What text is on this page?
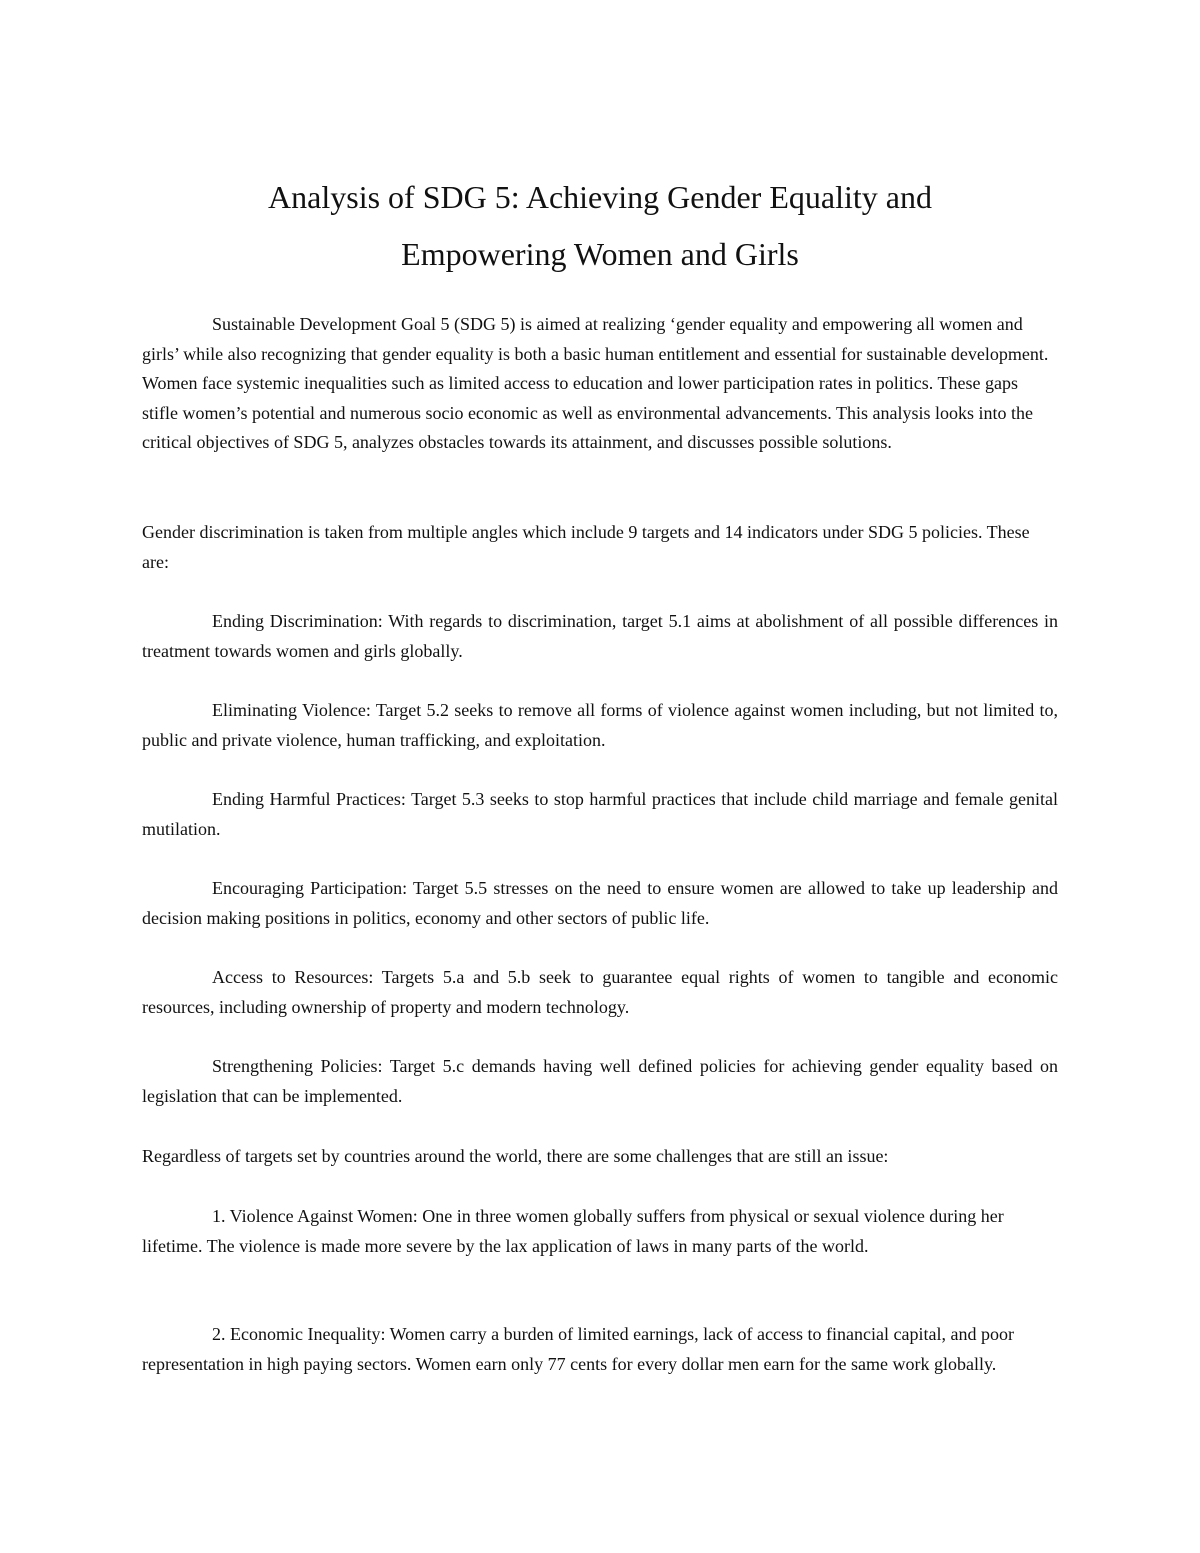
Analysis of SDG 5: Achieving Gender Equality and
Empowering Women and Girls

Sustainable Development Goal 5 (SDG 5) is aimed at realizing ‘gender equality and empowering all women and girls’ while also recognizing that gender equality is both a basic human entitlement and essential for sustainable development. Women face systemic inequalities such as limited access to education and lower participation rates in politics. These gaps stifle women’s potential and numerous socio economic as well as environmental advancements. This analysis looks into the critical objectives of SDG 5, analyzes obstacles towards its attainment, and discusses possible solutions.

Gender discrimination is taken from multiple angles which include 9 targets and 14 indicators under SDG 5 policies. These are:

Ending Discrimination: With regards to discrimination, target 5.1 aims at abolishment of all possible differences in treatment towards women and girls globally.

Eliminating Violence: Target 5.2 seeks to remove all forms of violence against women including, but not limited to, public and private violence, human trafficking, and exploitation.

Ending Harmful Practices: Target 5.3 seeks to stop harmful practices that include child marriage and female genital mutilation.

Encouraging Participation: Target 5.5 stresses on the need to ensure women are allowed to take up leadership and decision making positions in politics, economy and other sectors of public life.

Access to Resources: Targets 5.a and 5.b seek to guarantee equal rights of women to tangible and economic resources, including ownership of property and modern technology.

Strengthening Policies: Target 5.c demands having well defined policies for achieving gender equality based on legislation that can be implemented.

Regardless of targets set by countries around the world, there are some challenges that are still an issue:

1. Violence Against Women: One in three women globally suffers from physical or sexual violence during her lifetime. The violence is made more severe by the lax application of laws in many parts of the world.

2. Economic Inequality: Women carry a burden of limited earnings, lack of access to financial capital, and poor representation in high paying sectors. Women earn only 77 cents for every dollar men earn for the same work globally.
